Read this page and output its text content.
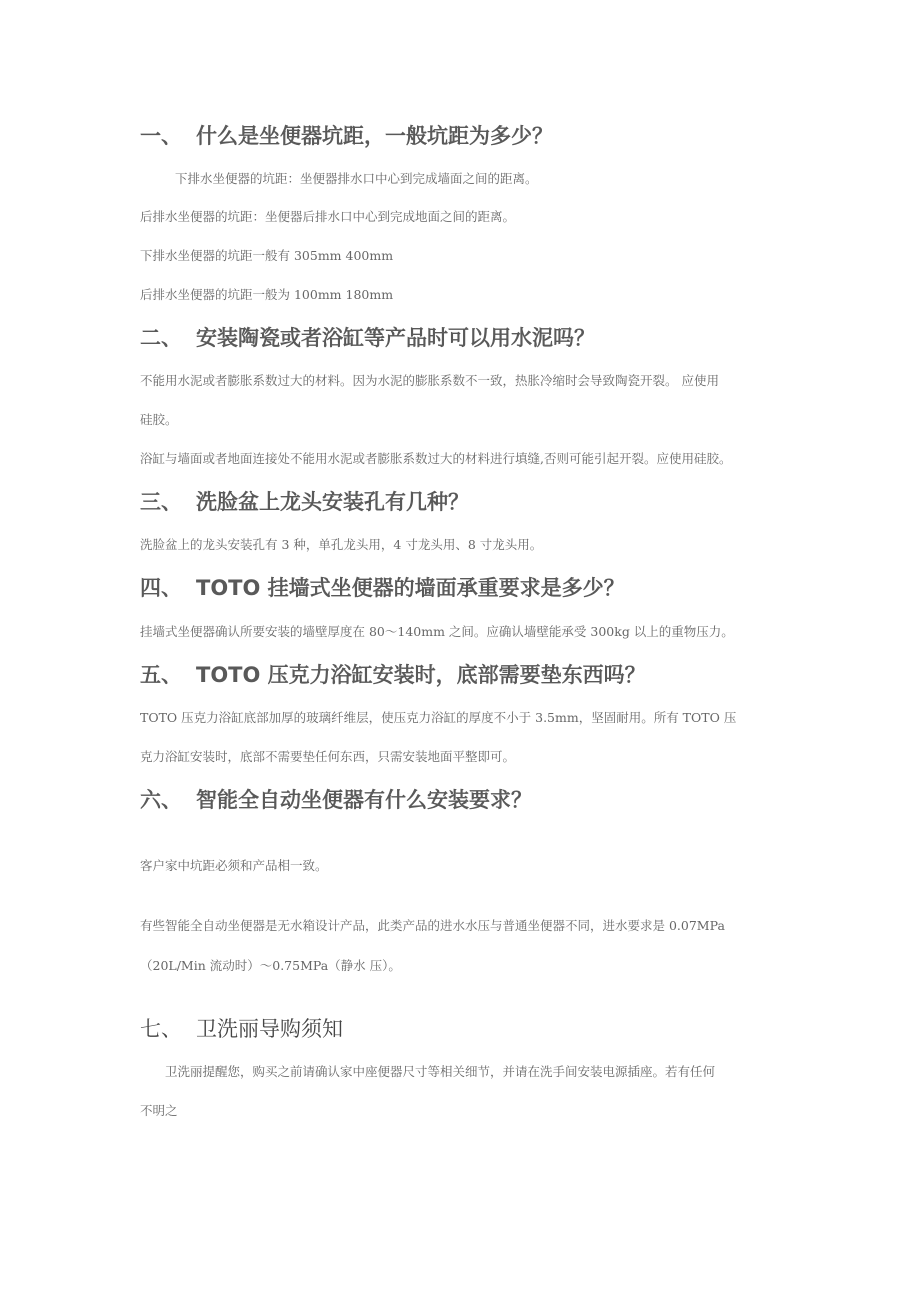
一、 什么是坐便器坑距，一般坑距为多少？
下排水坐便器的坑距：坐便器排水口中心到完成墙面之间的距离。
后排水坐便器的坑距：坐便器后排水口中心到完成地面之间的距离。
下排水坐便器的坑距一般有 305mm 400mm
后排水坐便器的坑距一般为 100mm 180mm
二、 安装陶瓷或者浴缸等产品时可以用水泥吗？
不能用水泥或者膨胀系数过大的材料。因为水泥的膨胀系数不一致，热胀冷缩时会导致陶瓷开裂。 应使用
硅胶。
浴缸与墙面或者地面连接处不能用水泥或者膨胀系数过大的材料进行填缝,否则可能引起开裂。应使用硅胶。
三、 洗脸盆上龙头安装孔有几种？
洗脸盆上的龙头安装孔有 3 种，单孔龙头用，4 寸龙头用、8 寸龙头用。
四、 TOTO 挂墙式坐便器的墙面承重要求是多少？
挂墙式坐便器确认所要安装的墙壁厚度在 80～140mm 之间。应确认墙壁能承受 300kg 以上的重物压力。
五、 TOTO 压克力浴缸安装时，底部需要垫东西吗？
TOTO 压克力浴缸底部加厚的玻璃纤维层，使压克力浴缸的厚度不小于 3.5mm，坚固耐用。所有 TOTO 压
克力浴缸安装时，底部不需要垫任何东西，只需安装地面平整即可。
六、 智能全自动坐便器有什么安装要求？
客户家中坑距必须和产品相一致。
有些智能全自动坐便器是无水箱设计产品，此类产品的进水水压与普通坐便器不同，进水要求是 0.07MPa
（20L/Min 流动时）～0.75MPa（静水 压）。
七、 卫洗丽导购须知
卫洗丽提醒您，购买之前请确认家中座便器尺寸等相关细节，并请在洗手间安装电源插座。若有任何
不明之
